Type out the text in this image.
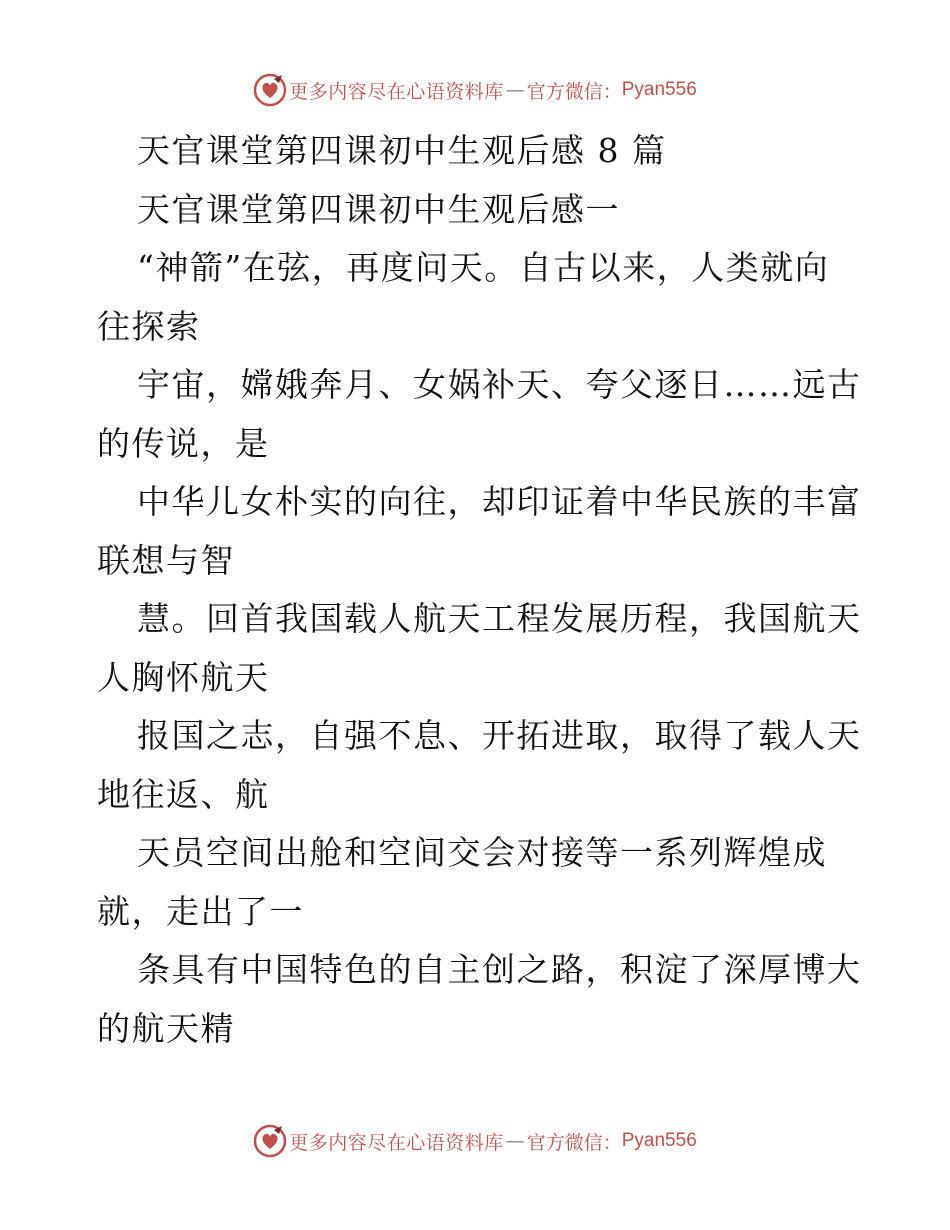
更多内容尽在心语资料库 — 官方微信： Pyan556
天官课堂第四课初中生观后感 8 篇
天官课堂第四课初中生观后感一
“神箭”在弦，再度问天。自古以来，人类就向
往探索
宇宙，嫦娥奔月、女娲补天、夸父逐日……远古
的传说，是
中华儿女朴实的向往，却印证着中华民族的丰富
联想与智
慧。回首我国载人航天工程发展历程，我国航天
人胸怀航天
报国之志，自强不息、开拓进取，取得了载人天
地往返、航
天员空间出舱和空间交会对接等一系列辉煌成
就，走出了一
条具有中国特色的自主创之路，积淀了深厚博大
的航天精
更多内容尽在心语资料库 — 官方微信： Pyan556
